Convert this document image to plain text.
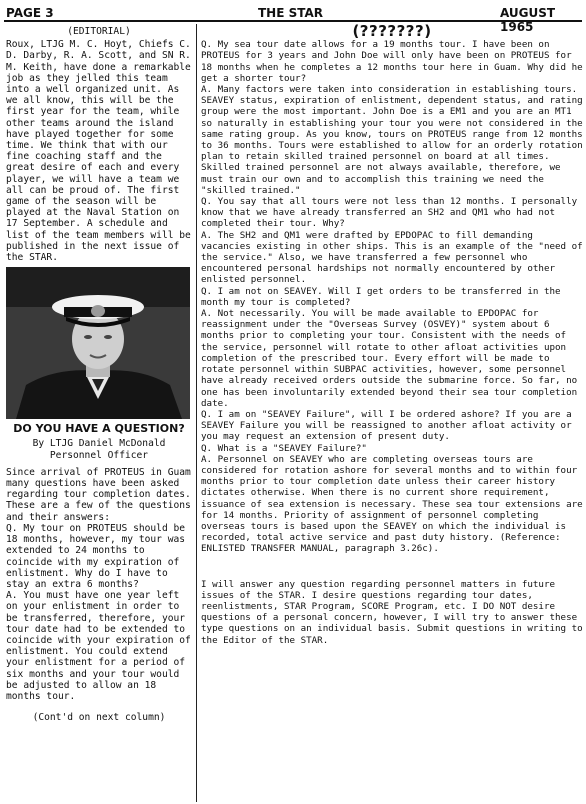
PAGE 3	THE STAR	AUGUST 1965

(EDITORIAL)

Roux, LTJG M. C. Hoyt, Chiefs C. D. Darby, R. A. Scott, and SN R. M. Keith, have done a remarkable job as they jelled this team into a well organized unit. As we all know, this will be the first year for the team, while other teams around the island have played together for some time. We think that with our fine coaching staff and the great desire of each and every player, we will have a team we all can be proud of. The first game of the season will be played at the Naval Station on 17 September. A schedule and list of the team members will be published in the next issue of the STAR.

DO YOU HAVE A QUESTION?

By LTJG Daniel McDonald

Personnel Officer

Since arrival of PROTEUS in Guam many questions have been asked regarding tour completion dates. These are a few of the questions and their answers:

Q. My tour on PROTEUS should be 18 months, however, my tour was extended to 24 months to coincide with my expiration of enlistment. Why do I have to stay an extra 6 months?

A. You must have one year left on your enlistment in order to be transferred, therefore, your tour date had to be extended to coincide with your expiration of enlistment. You could extend your enlistment for a period of six months and your tour would be adjusted to allow an 18 months tour.

(Cont'd on next column)

(???????)

Q. My sea tour date allows for a 19 months tour. I have been on PROTEUS for 3 years and John Doe will only have been on PROTEUS for 18 months when he completes a 12 months tour here in Guam. Why did he get a shorter tour?

A. Many factors were taken into consideration in establishing tours. SEAVEY status, expiration of enlistment, dependent status, and rating group were the most important. John Doe is a EM1 and you are an MT1 so naturally in establishing your tour you were not considered in the same rating group. As you know, tours on PROTEUS range from 12 months to 36 months. Tours were established to allow for an orderly rotation plan to retain skilled trained personnel on board at all times. Skilled trained personnel are not always available, therefore, we must train our own and to accomplish this training we need the "skilled trained."

Q. You say that all tours were not less than 12 months. I personally know that we have already transferred an SH2 and QM1 who had not completed their tour. Why?

A. The SH2 and QM1 were drafted by EPDOPAC to fill demanding vacancies existing in other ships. This is an example of the "need of the service." Also, we have transferred a few personnel who encountered personal hardships not normally encountered by other enlisted personnel.

Q. I am not on SEAVEY. Will I get orders to be transferred in the month my tour is completed?

A. Not necessarily. You will be made available to EPDOPAC for reassignment under the "Overseas Survey (OSVEY)" system about 6 months prior to completing your tour. Consistent with the needs of the service, personnel will rotate to other afloat activities upon completion of the prescribed tour. Every effort will be made to rotate personnel within SUBPAC activities, however, some personnel have already received orders outside the submarine force. So far, no one has been involuntarily extended beyond their sea tour completion date.

Q. I am on "SEAVEY Failure", will I be ordered ashore? If you are a SEAVEY Failure you will be reassigned to another afloat activity or you may request an extension of present duty.

Q. What is a "SEAVEY Failure?"

A. Personnel on SEAVEY who are completing overseas tours are considered for rotation ashore for several months and to within four months prior to tour completion date unless their career history dictates otherwise. When there is no current shore requirement, issuance of sea extension is necessary. These sea tour extensions are for 14 months. Priority of assignment of personnel completing overseas tours is based upon the SEAVEY on which the individual is recorded, total active service and past duty history. (Reference: ENLISTED TRANSFER MANUAL, paragraph 3.26c).

I will answer any question regarding personnel matters in future issues of the STAR. I desire questions regarding tour dates, reenlistments, STAR Program, SCORE Program, etc. I DO NOT desire questions of a personal concern, however, I will try to answer these type questions on an individual basis. Submit questions in writing to the Editor of the STAR.
